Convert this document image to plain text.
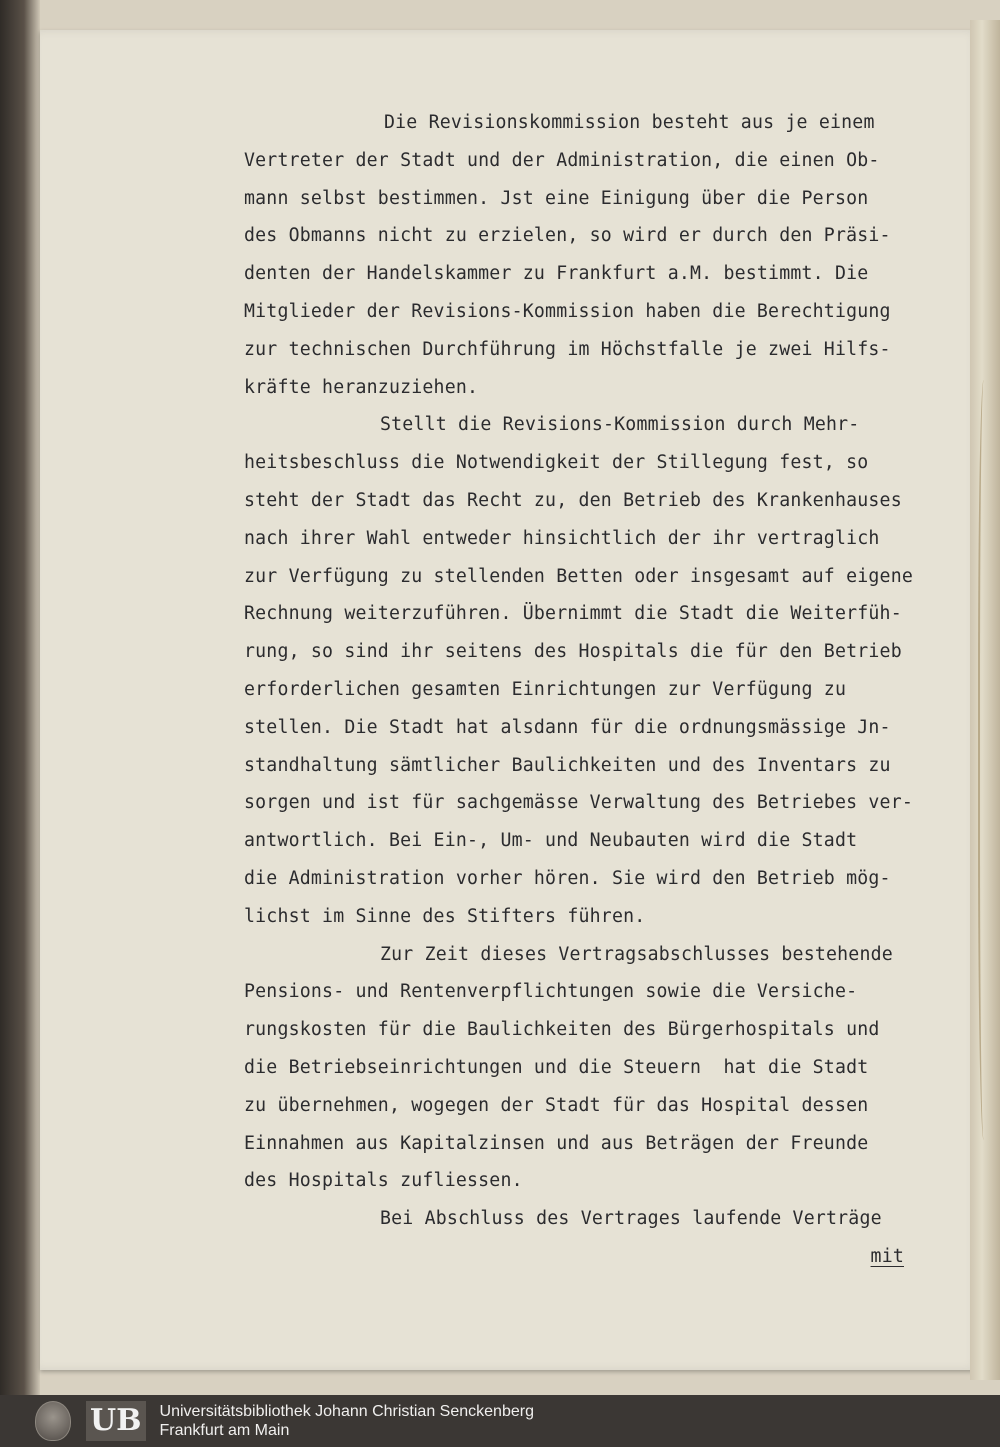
Die Revisionskommission besteht aus je einem
Vertreter der Stadt und der Administration, die einen Ob-
mann selbst bestimmen. Jst eine Einigung über die Person
des Obmanns nicht zu erzielen, so wird er durch den Präsi-
denten der Handelskammer zu Frankfurt a.M. bestimmt. Die
Mitglieder der Revisions-Kommission haben die Berechtigung
zur technischen Durchführung im Höchstfalle je zwei Hilfs-
kräfte heranzuziehen.
Stellt die Revisions-Kommission durch Mehr-
heitsbeschluss die Notwendigkeit der Stillegung fest, so
steht der Stadt das Recht zu, den Betrieb des Krankenhauses
nach ihrer Wahl entweder hinsichtlich der ihr vertraglich
zur Verfügung zu stellenden Betten oder insgesamt auf eigene
Rechnung weiterzuführen. Übernimmt die Stadt die Weiterfüh-
rung, so sind ihr seitens des Hospitals die für den Betrieb
erforderlichen gesamten Einrichtungen zur Verfügung zu
stellen. Die Stadt hat alsdann für die ordnungsmässige Jn-
standhaltung sämtlicher Baulichkeiten und des Inventars zu
sorgen und ist für sachgemässe Verwaltung des Betriebes ver-
antwortlich. Bei Ein-, Um- und Neubauten wird die Stadt
die Administration vorher hören. Sie wird den Betrieb mög-
lichst im Sinne des Stifters führen.
Zur Zeit dieses Vertragsabschlusses bestehende
Pensions- und Rentenverpflichtungen sowie die Versiche-
rungskosten für die Baulichkeiten des Bürgerhospitals und
die Betriebseinrichtungen und die Steuern  hat die Stadt
zu übernehmen, wogegen der Stadt für das Hospital dessen
Einnahmen aus Kapitalzinsen und aus Beträgen der Freunde
des Hospitals zufliessen.
Bei Abschluss des Vertrages laufende Verträge
mit
UB Universitätsbibliothek Johann Christian Senckenberg
Frankfurt am Main
